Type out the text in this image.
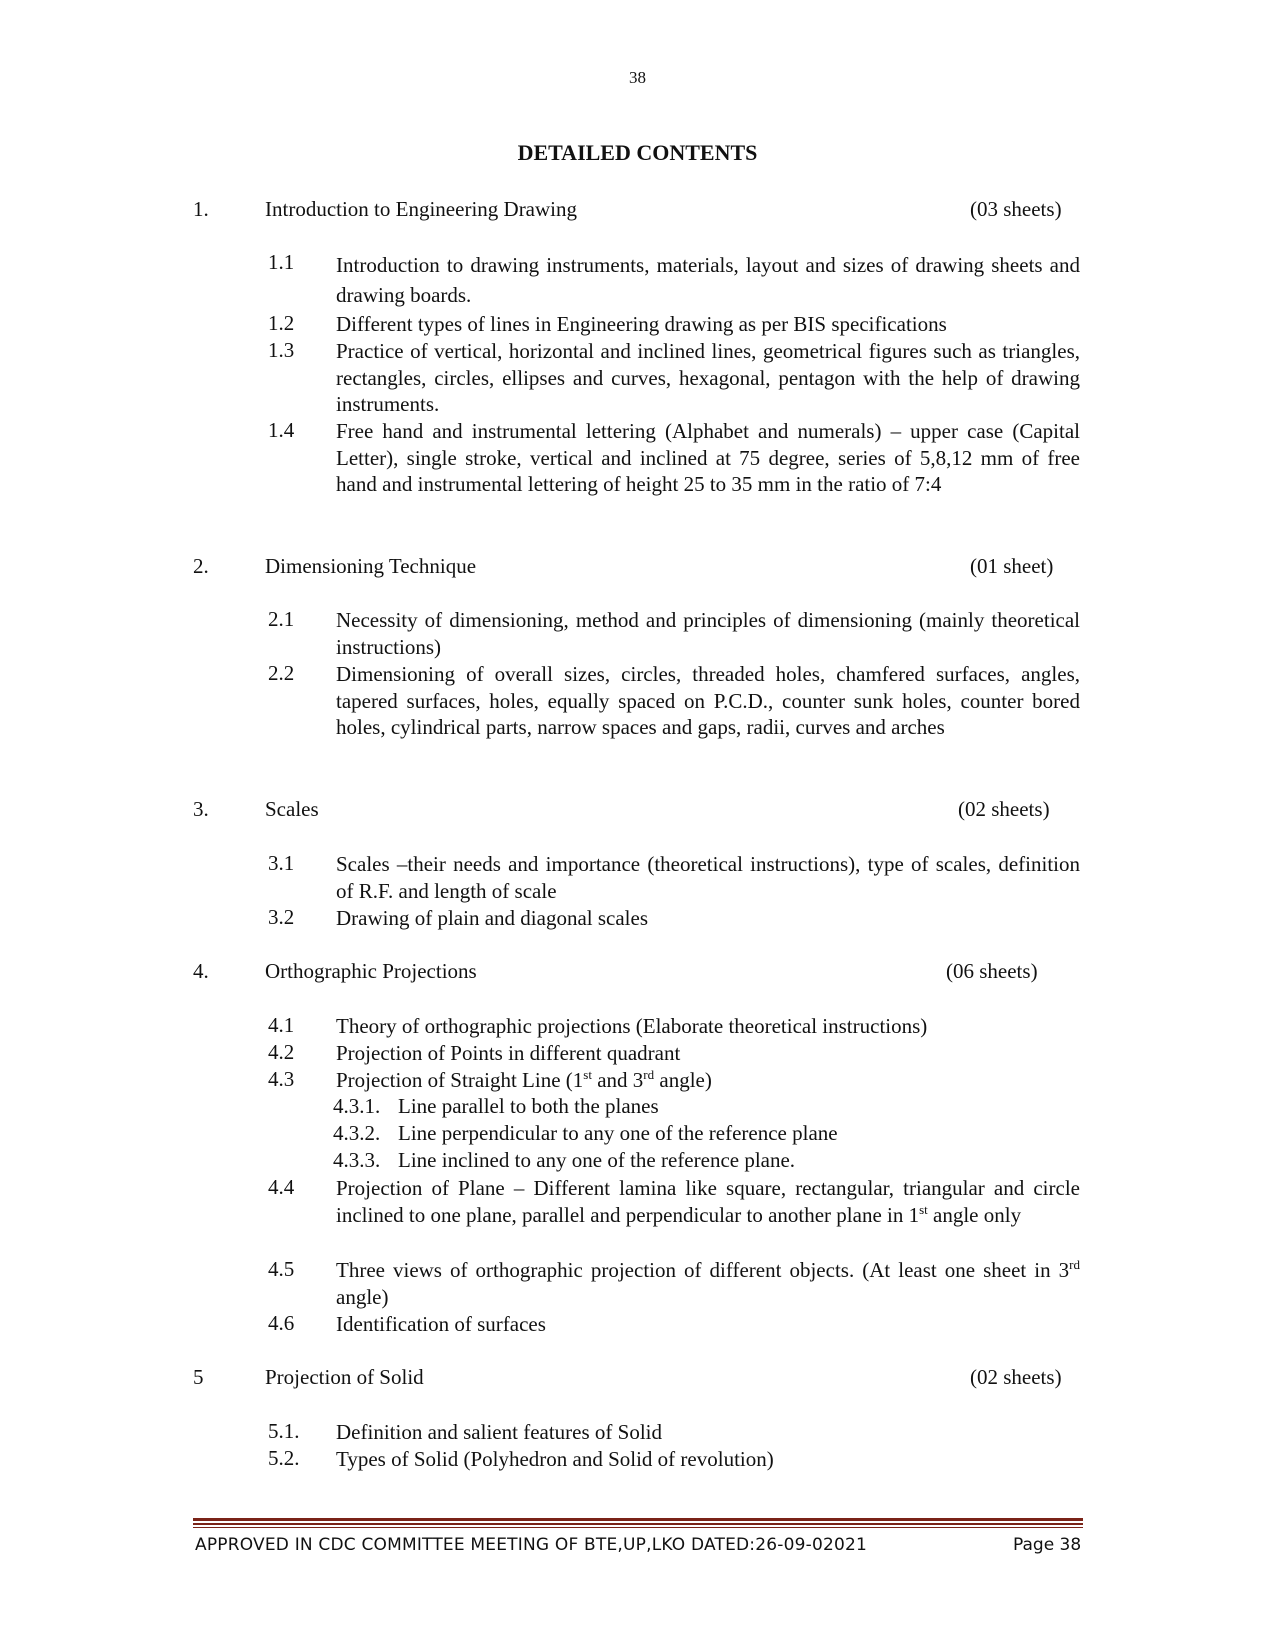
38
DETAILED CONTENTS
1.	Introduction to Engineering Drawing	(03 sheets)
1.1 Introduction to drawing instruments, materials, layout and sizes of drawing sheets and drawing boards.
1.2 Different types of lines in Engineering drawing as per BIS specifications
1.3 Practice of vertical, horizontal and inclined lines, geometrical figures such as triangles, rectangles, circles, ellipses and curves, hexagonal, pentagon with the help of drawing instruments.
1.4 Free hand and instrumental lettering (Alphabet and numerals) – upper case (Capital Letter), single stroke, vertical and inclined at 75 degree, series of 5,8,12 mm of free hand and instrumental lettering of height 25 to 35 mm in the ratio of 7:4
2.	Dimensioning Technique	(01 sheet)
2.1 Necessity of dimensioning, method and principles of dimensioning (mainly theoretical instructions)
2.2 Dimensioning of overall sizes, circles, threaded holes, chamfered surfaces, angles, tapered surfaces, holes, equally spaced on P.C.D., counter sunk holes, counter bored holes, cylindrical parts, narrow spaces and gaps, radii, curves and arches
3.	Scales	(02 sheets)
3.1 Scales –their needs and importance (theoretical instructions), type of scales, definition of R.F. and length of scale
3.2 Drawing of plain and diagonal scales
4.	Orthographic Projections	(06 sheets)
4.1 Theory of orthographic projections (Elaborate theoretical instructions)
4.2 Projection of Points in different quadrant
4.3 Projection of Straight Line (1st and 3rd angle)
4.3.1. Line parallel to both the planes
4.3.2. Line perpendicular to any one of the reference plane
4.3.3. Line inclined to any one of the reference plane.
4.4 Projection of Plane – Different lamina like square, rectangular, triangular and circle inclined to one plane, parallel and perpendicular to another plane in 1st angle only
4.5 Three views of orthographic projection of different objects. (At least one sheet in 3rd angle)
4.6 Identification of surfaces
5	Projection of Solid	(02 sheets)
5.1. Definition and salient features of Solid
5.2. Types of Solid (Polyhedron and Solid of revolution)
APPROVED IN CDC COMMITTEE MEETING OF BTE,UP,LKO DATED:26-09-02021	Page 38
